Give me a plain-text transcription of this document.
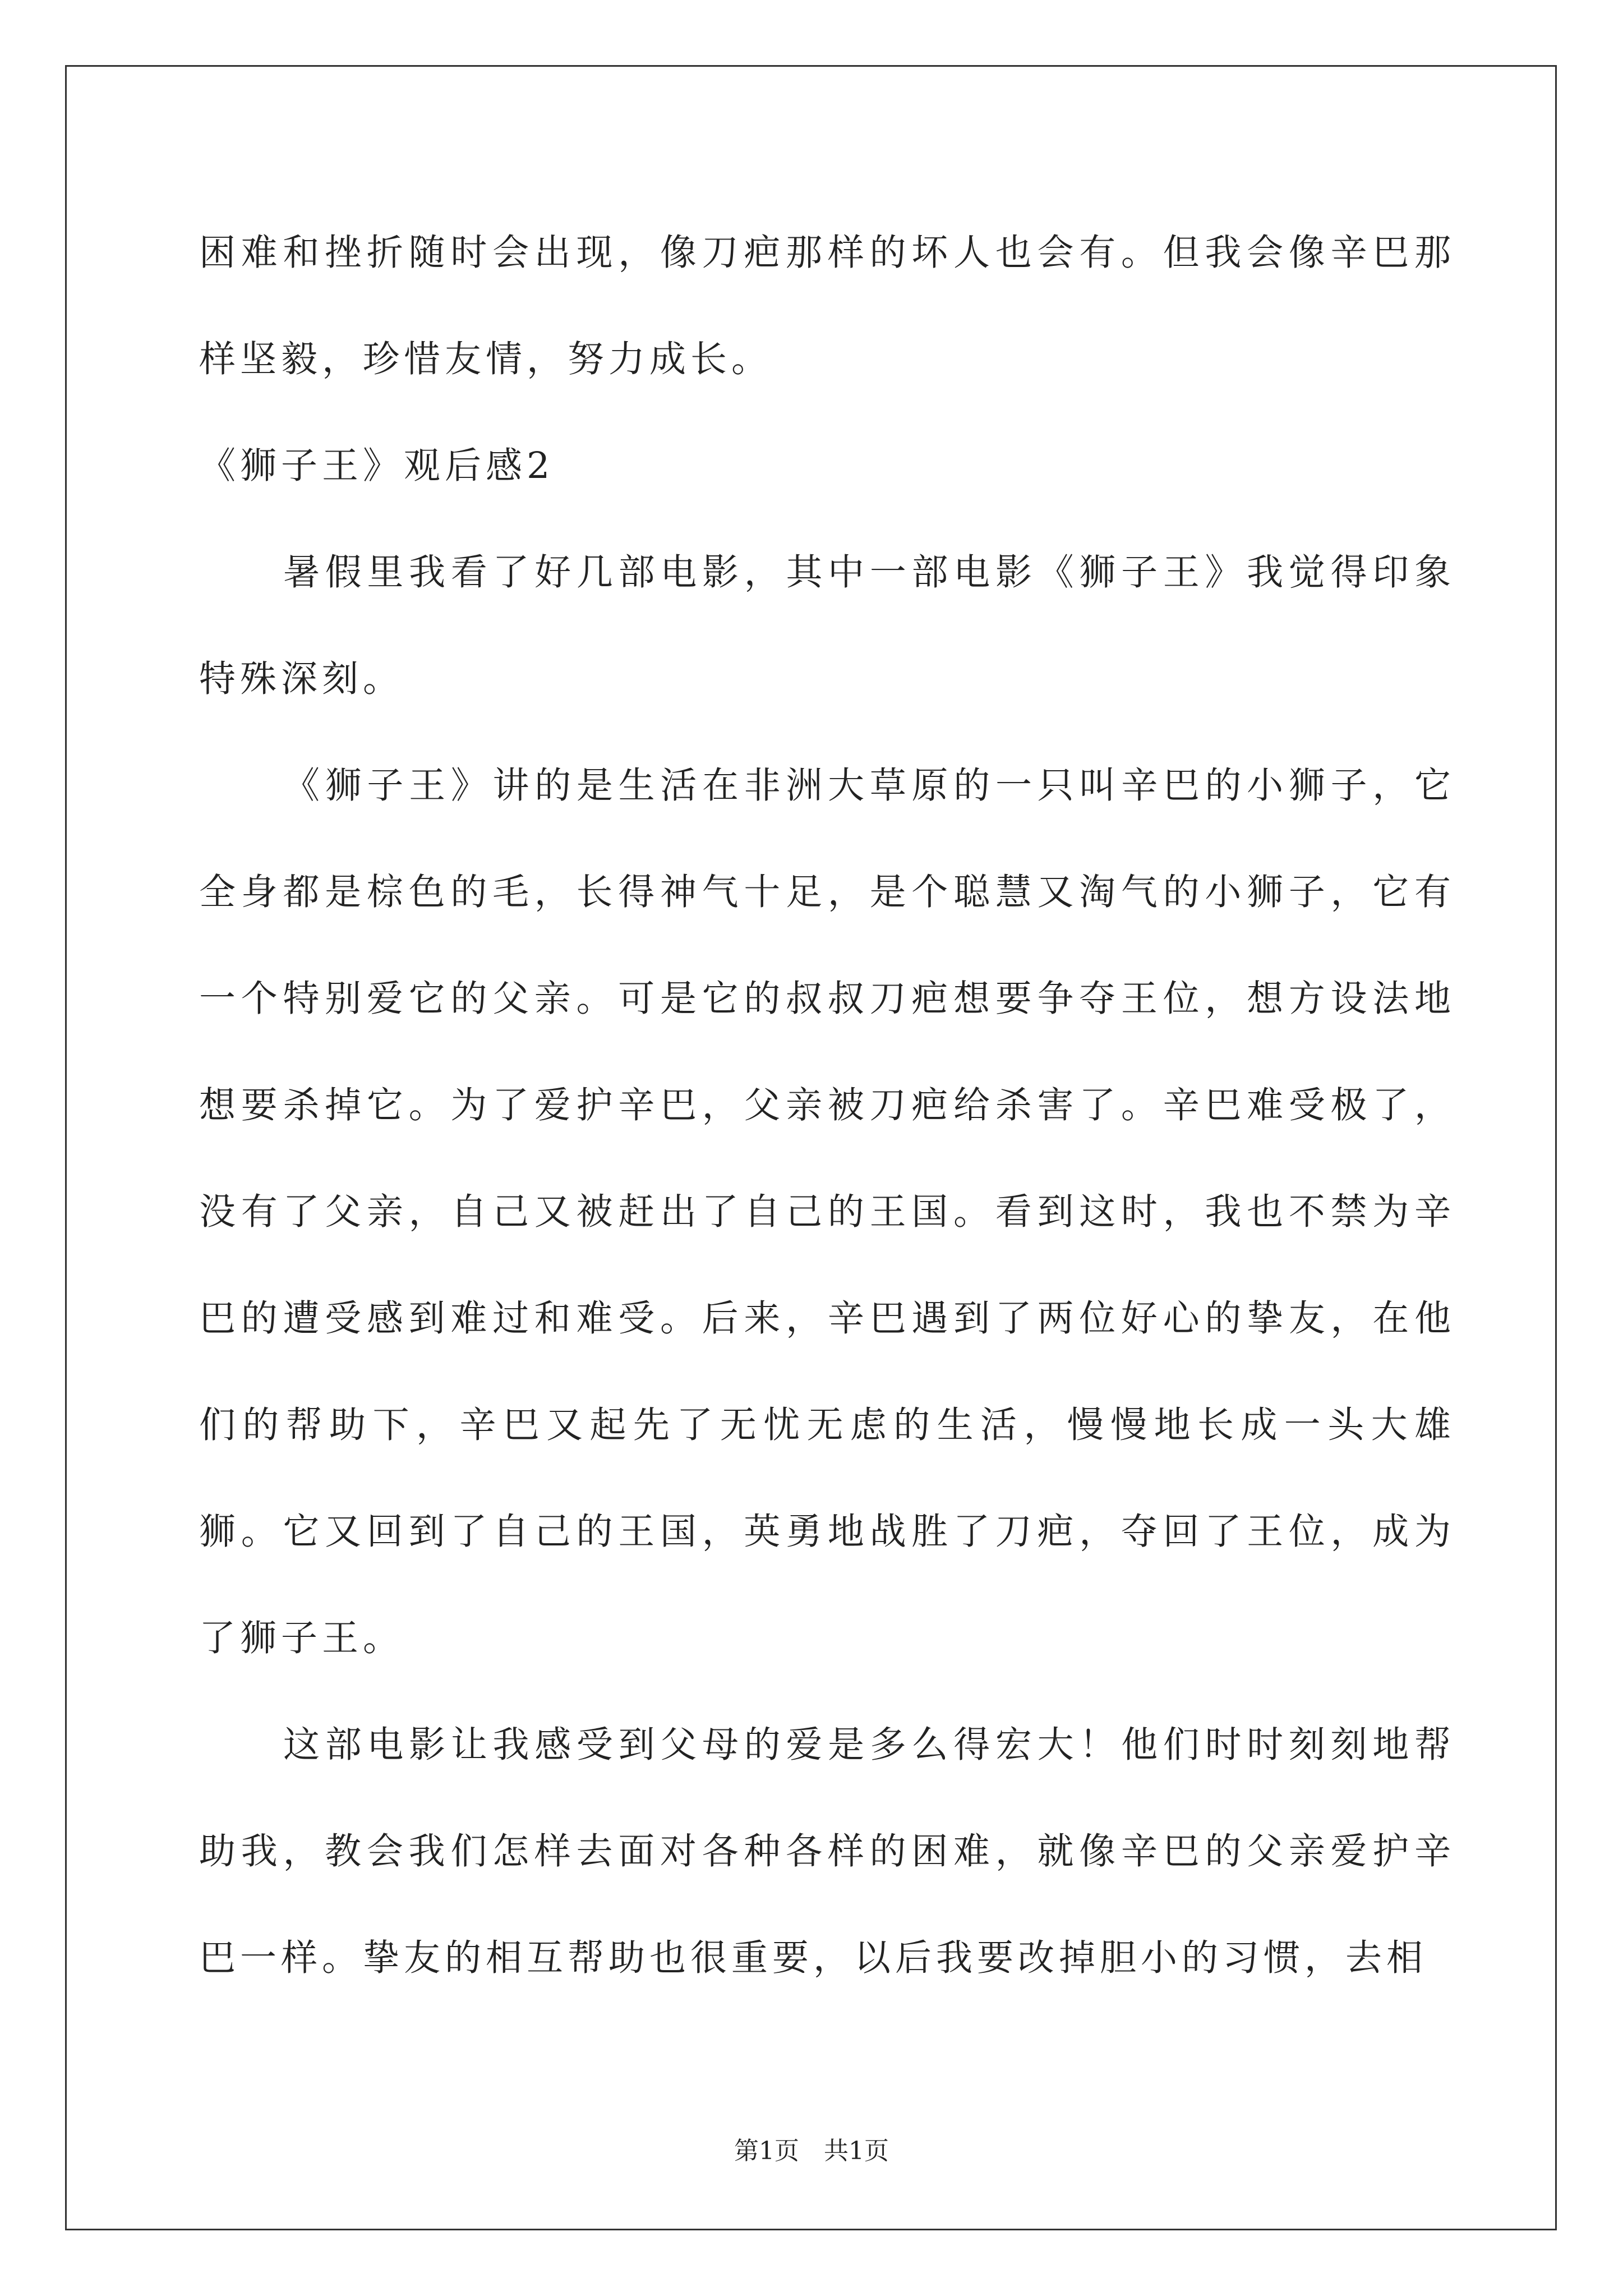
困难和挫折随时会出现，像刀疤那样的坏人也会有。但我会像辛巴那样坚毅，珍惜友情，努力成长。

《狮子王》观后感2

暑假里我看了好几部电影，其中一部电影《狮子王》我觉得印象特殊深刻。

《狮子王》讲的是生活在非洲大草原的一只叫辛巴的小狮子，它全身都是棕色的毛，长得神气十足，是个聪慧又淘气的小狮子，它有一个特别爱它的父亲。可是它的叔叔刀疤想要争夺王位，想方设法地想要杀掉它。为了爱护辛巴，父亲被刀疤给杀害了。辛巴难受极了，没有了父亲，自己又被赶出了自己的王国。看到这时，我也不禁为辛巴的遭受感到难过和难受。后来，辛巴遇到了两位好心的挚友，在他们的帮助下，辛巴又起先了无忧无虑的生活，慢慢地长成一头大雄狮。它又回到了自己的王国，英勇地战胜了刀疤，夺回了王位，成为了狮子王。

这部电影让我感受到父母的爱是多么得宏大！他们时时刻刻地帮助我，教会我们怎样去面对各种各样的困难，就像辛巴的父亲爱护辛巴一样。挚友的相互帮助也很重要，以后我要改掉胆小的习惯，去相

第1页　共1页
